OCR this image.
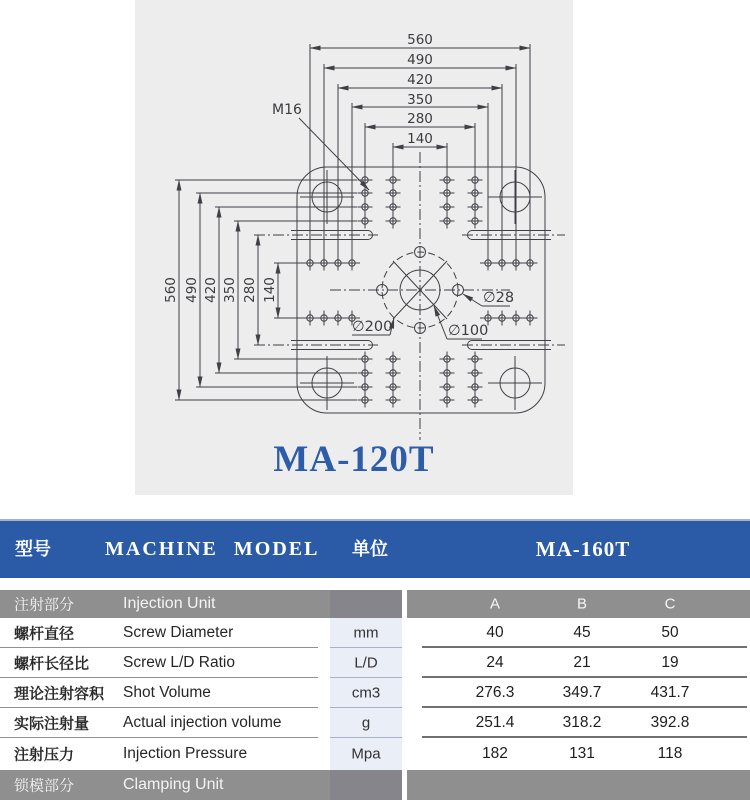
560
490
420
350
280
140
560 490 420 350 280 140
M16
∅200	∅100
∅28
MA-120T
型号	MACHINE MODEL 单位	MA-160T
注射部分	Injection Unit	A	B	C
螺杆直径	Screw Diameter	mm	40	45	50
螺杆长径比 Screw L/D Ratio	L/D	24	21	19
理论注射容积 Shot Volume	cm3	276.3	349.7	431.7
实际注射量 Actual injection volume	g	251.4	318.2	392.8
注射压力	Injection Pressure	Mpa	182	131	118
锁模部分	Clamping Unit
